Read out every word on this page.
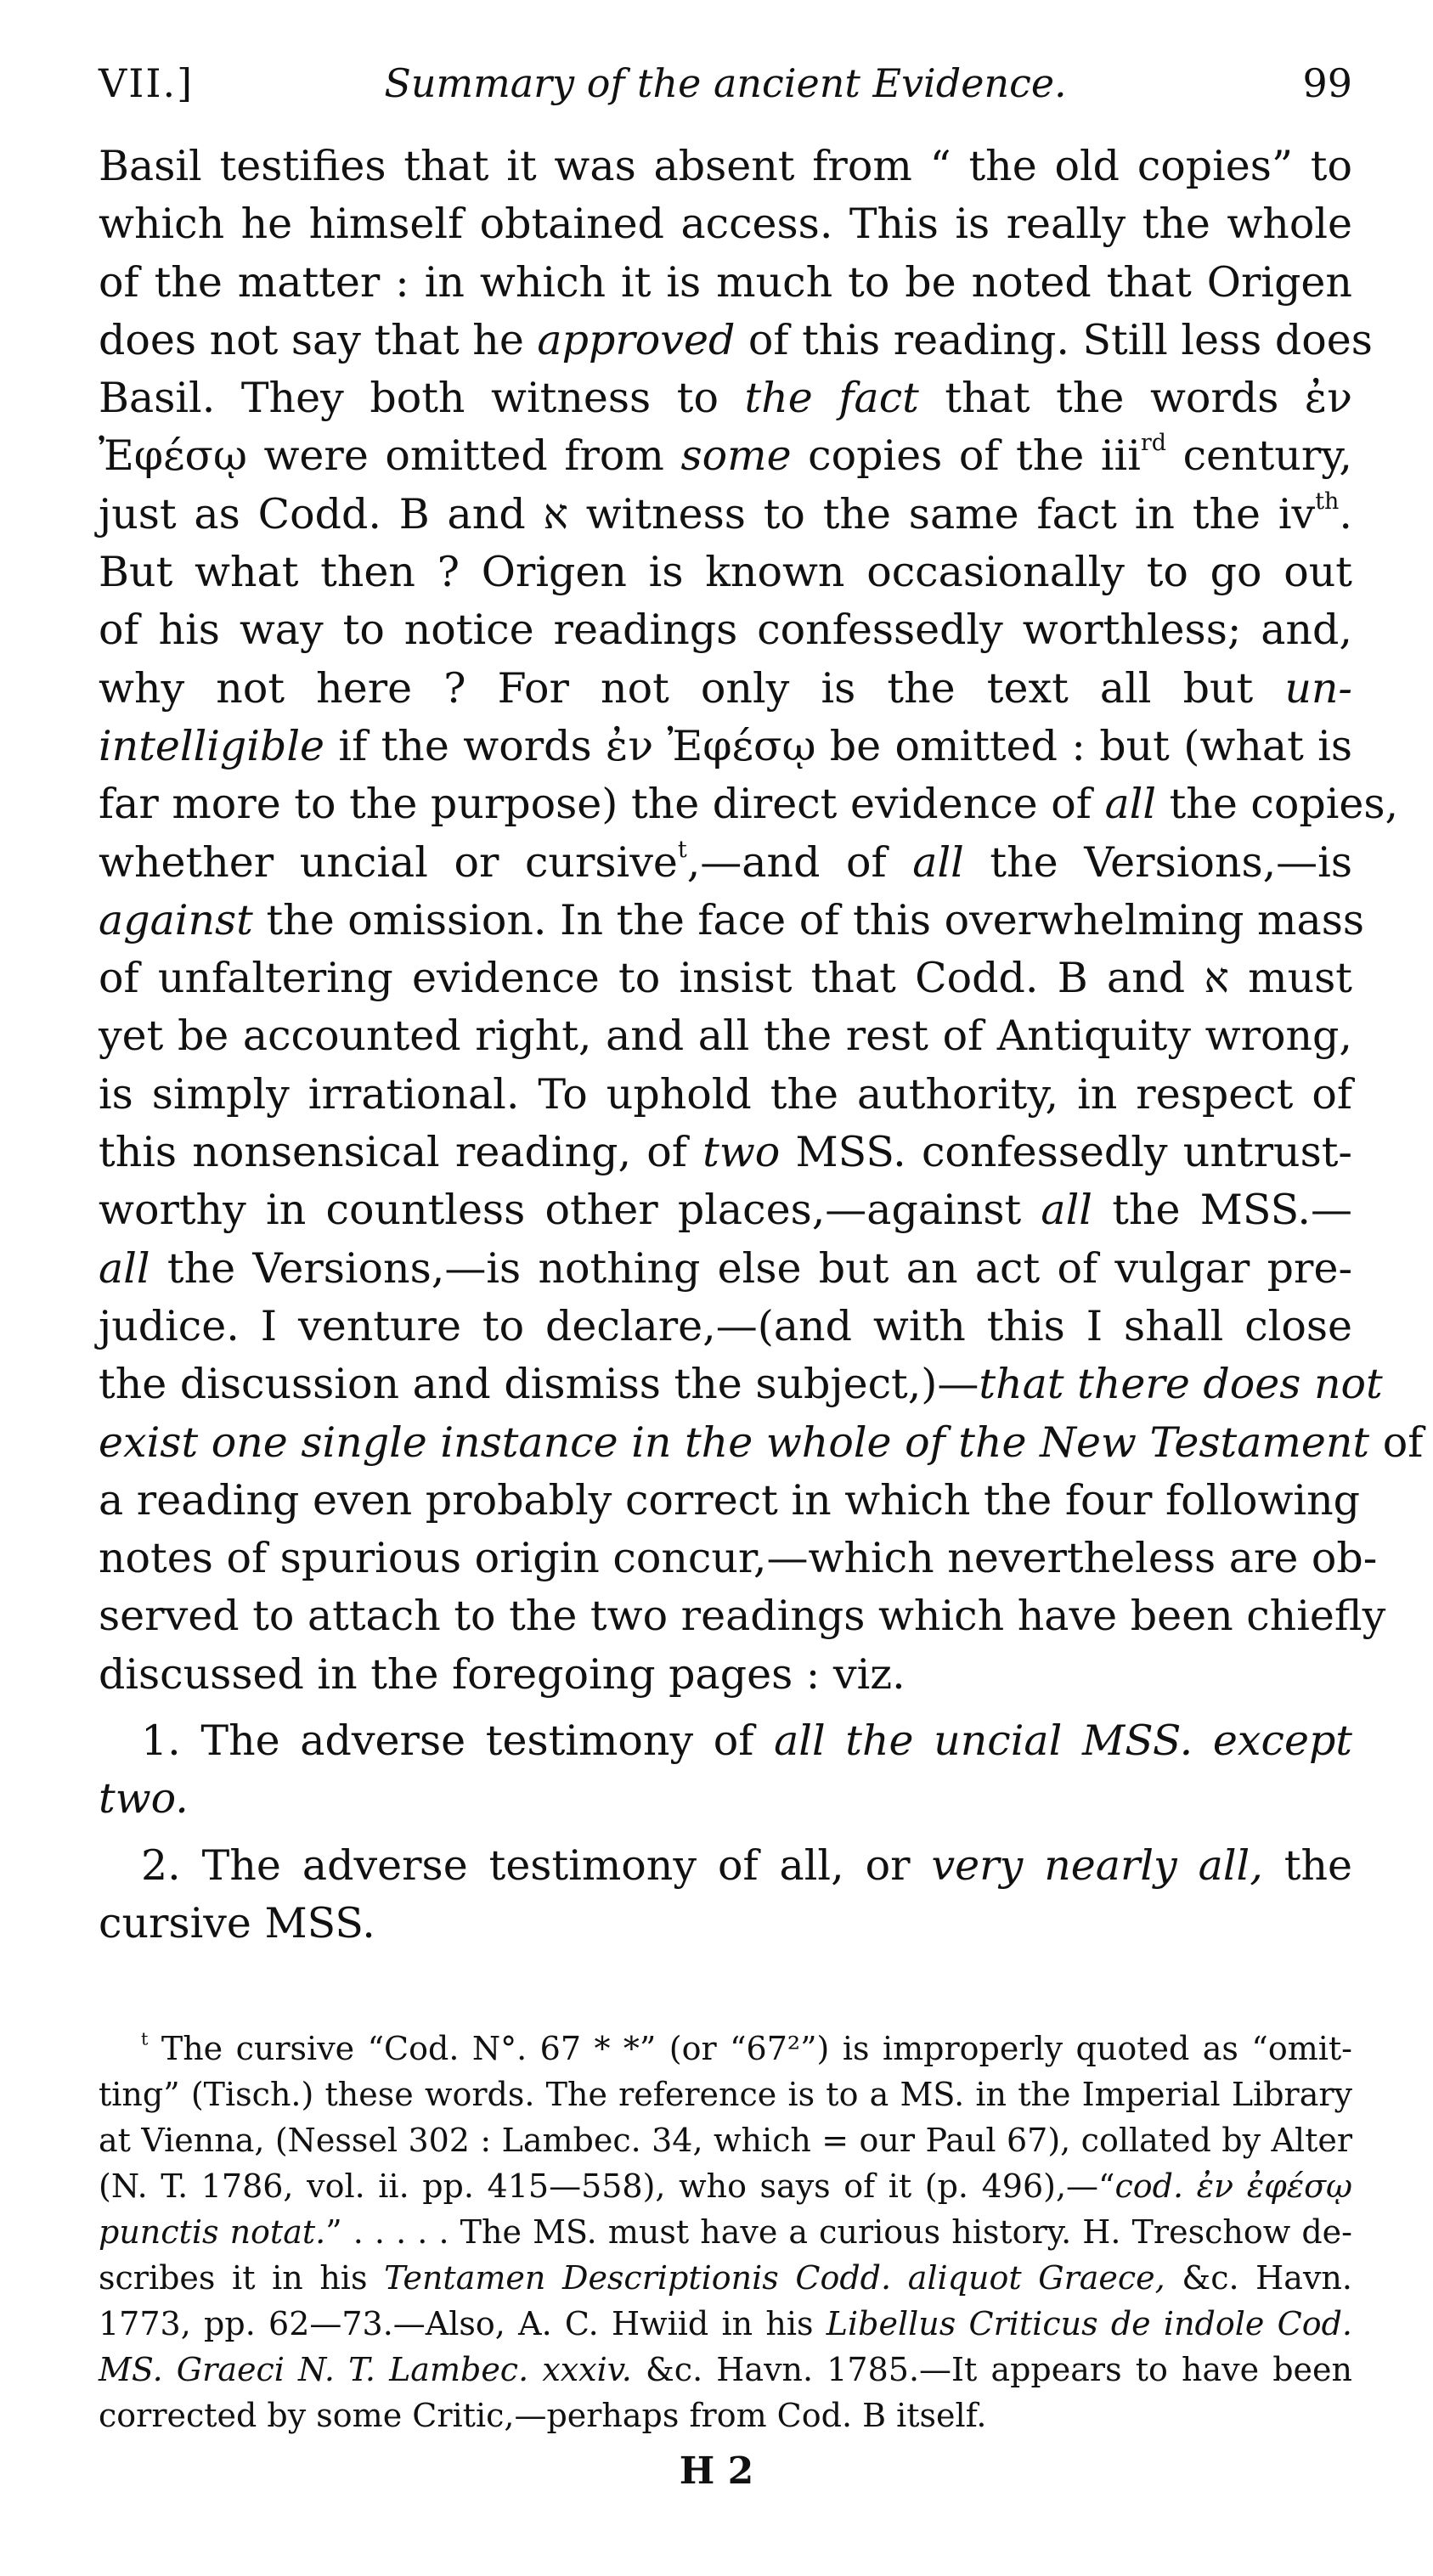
VII.]	Summary of the ancient Evidence.	99
Basil testifies that it was absent from “ the old copies” to
which he himself obtained access. This is really the whole
of the matter : in which it is much to be noted that Origen
does not say that he approved of this reading. Still less does
Basil. They both witness to the fact that the words ἐν
Ἐφέσῳ were omitted from some copies of the iii$^{rd}$ century,
just as Codd. B and א witness to the same fact in the $iv^{th}$.
But what then ? Origen is known occasionally to go out
of his way to notice readings confessedly worthless; and,
why not here ? For not only is the text all but un-
intelligible if the words ἐν Ἐφέσῳ be omitted : but (what is
far more to the purpose) the direct evidence of all the copies,
whether uncial or cursive$^t$,—and of all the Versions,—is
against the omission. In the face of this overwhelming mass
of unfaltering evidence to insist that Codd. B and א must
yet be accounted right, and all the rest of Antiquity wrong,
is simply irrational. To uphold the authority, in respect of
this nonsensical reading, of two MSS. confessedly untrust-
worthy in countless other places,—against all the MSS.—
all the Versions,—is nothing else but an act of vulgar pre-
judice. I venture to declare,—(and with this I shall close
the discussion and dismiss the subject,)—that there does not
exist one single instance in the whole of the New Testament of
a reading even probably correct in which the four following
notes of spurious origin concur,—which nevertheless are ob-
served to attach to the two readings which have been chiefly
discussed in the foregoing pages : viz.
1. The adverse testimony of all the uncial MSS. except
two.
2. The adverse testimony of all, or very nearly all, the
cursive MSS.
$^t$ The cursive “Cod. N°. 67 * *” (or “67²”) is improperly quoted as “omit-
ting” (Tisch.) these words. The reference is to a MS. in the Imperial Library
at Vienna, (Nessel 302 : Lambec. 34, which = our Paul 67), collated by Alter
(N. T. 1786, vol. ii. pp. 415—558), who says of it (p. 496),—“cod. ἐν ἐφέσῳ
punctis notat.” . . . . . The MS. must have a curious history. H. Treschow de-
scribes it in his Tentamen Descriptionis Codd. aliquot Graece, &c. Havn.
1773, pp. 62—73.—Also, A. C. Hwiid in his Libellus Criticus de indole Cod.
MS. Graeci N. T. Lambec. xxxiv. &c. Havn. 1785.—It appears to have been
corrected by some Critic,—perhaps from Cod. B itself.
H 2
